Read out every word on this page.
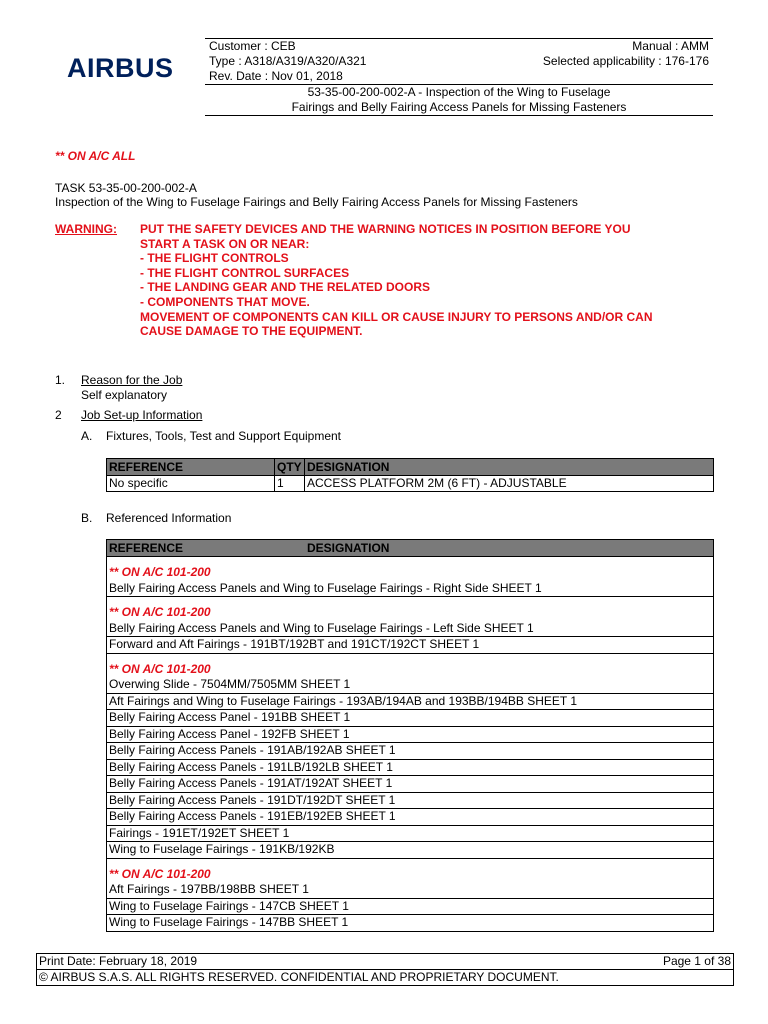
AIRBUS
Customer : CEB	Manual : AMM
Type : A318/A319/A320/A321	Selected applicability : 176-176
Rev. Date : Nov 01, 2018
53-35-00-200-002-A - Inspection of the Wing to Fuselage
Fairings and Belly Fairing Access Panels for Missing Fasteners
** ON A/C ALL
TASK 53-35-00-200-002-A
Inspection of the Wing to Fuselage Fairings and Belly Fairing Access Panels for Missing Fasteners
WARNING: PUT THE SAFETY DEVICES AND THE WARNING NOTICES IN POSITION BEFORE YOU
START A TASK ON OR NEAR:
- THE FLIGHT CONTROLS
- THE FLIGHT CONTROL SURFACES
- THE LANDING GEAR AND THE RELATED DOORS
- COMPONENTS THAT MOVE.
MOVEMENT OF COMPONENTS CAN KILL OR CAUSE INJURY TO PERSONS AND/OR CAN
CAUSE DAMAGE TO THE EQUIPMENT.
1. Reason for the Job
Self explanatory
2 Job Set-up Information
A. Fixtures, Tools, Test and Support Equipment
REFERENCE	QTY	DESIGNATION
No specific	1	ACCESS PLATFORM 2M (6 FT) - ADJUSTABLE
B. Referenced Information
REFERENCE	DESIGNATION
** ON A/C 101-200
Belly Fairing Access Panels and Wing to Fuselage Fairings - Right Side SHEET 1
** ON A/C 101-200
Belly Fairing Access Panels and Wing to Fuselage Fairings - Left Side SHEET 1
Forward and Aft Fairings - 191BT/192BT and 191CT/192CT SHEET 1
** ON A/C 101-200
Overwing Slide - 7504MM/7505MM SHEET 1
Aft Fairings and Wing to Fuselage Fairings - 193AB/194AB and 193BB/194BB SHEET 1
Belly Fairing Access Panel - 191BB SHEET 1
Belly Fairing Access Panel - 192FB SHEET 1
Belly Fairing Access Panels - 191AB/192AB SHEET 1
Belly Fairing Access Panels - 191LB/192LB SHEET 1
Belly Fairing Access Panels - 191AT/192AT SHEET 1
Belly Fairing Access Panels - 191DT/192DT SHEET 1
Belly Fairing Access Panels - 191EB/192EB SHEET 1
Fairings - 191ET/192ET SHEET 1
Wing to Fuselage Fairings - 191KB/192KB
** ON A/C 101-200
Aft Fairings - 197BB/198BB SHEET 1
Wing to Fuselage Fairings - 147CB SHEET 1
Wing to Fuselage Fairings - 147BB SHEET 1
Print Date: February 18, 2019	Page 1 of 38
© AIRBUS S.A.S. ALL RIGHTS RESERVED. CONFIDENTIAL AND PROPRIETARY DOCUMENT.
